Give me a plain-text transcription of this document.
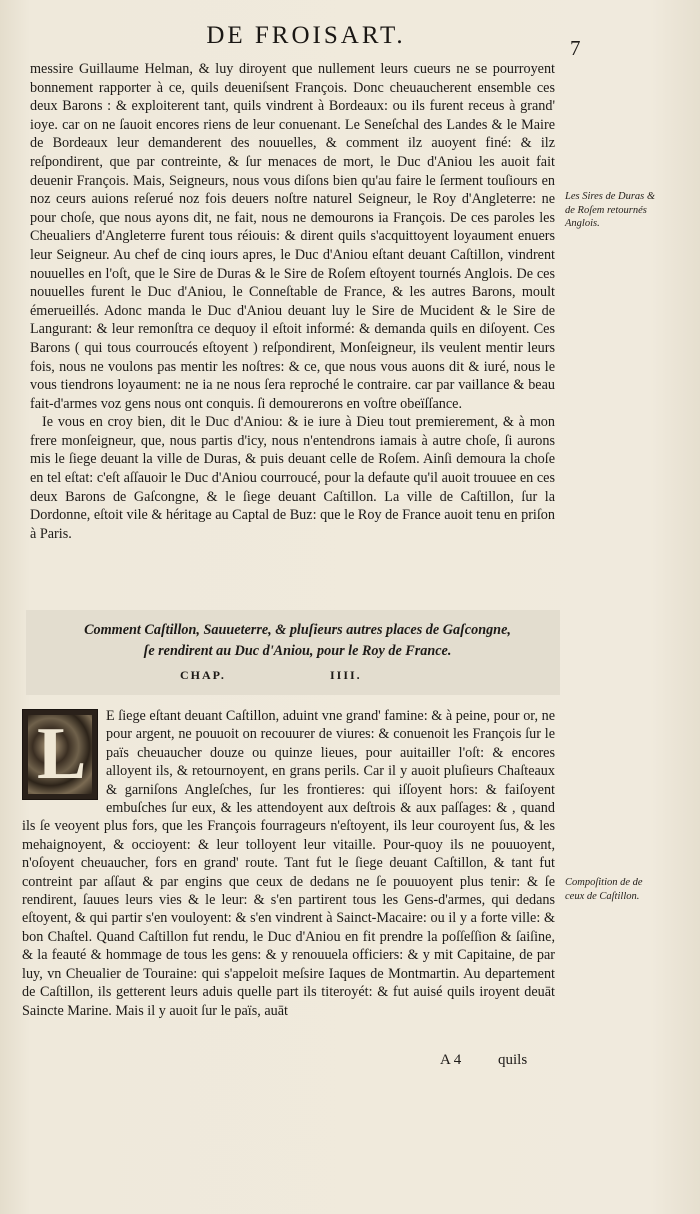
DE FROISART.	7

messire Guillaume Helman, & luy diroyent que nullement leurs cueurs ne se pourroyent bonnement rapporter à ce, quils deueniſsent François. Donc cheuaucherent ensemble ces deux Barons : & exploiterent tant, quils vindrent à Bordeaux: ou ils furent receus à grand' ioye. car on ne ſauoit encores riens de leur conuenant. Le Seneſchal des Landes & le Maire de Bordeaux leur demanderent des nouuelles, & comment ilz auoyent finé: & ilz reſpondirent, que par contreinte, & ſur menaces de mort, le Duc d'Aniou les auoit fait deuenir François. Mais, Seigneurs, nous vous diſons bien qu'au faire le ſerment touſiours en noz ceurs auions reſerué noz fois deuers noſtre naturel Seigneur, le Roy d'Angleterre: ne pour choſe, que nous ayons dit, ne fait, nous ne demourons ia François. De ces paroles les Cheualiers d'Angleterre furent tous réiouis: & dirent quils s'acquittoyent loyaument enuers leur Seigneur. Au chef de cinq iours apres, le Duc d'Aniou eſtant deuant Caſtillon, vindrent nouuelles en l'oſt, que le Sire de Duras & le Sire de Roſem eſtoyent tournés Anglois. De ces nouuelles furent le Duc d'Aniou, le Conneſtable de France, & les autres Barons, moult émerueillés. Adonc manda le Duc d'Aniou deuant luy le Sire de Mucident & le Sire de Langurant: & leur remonſtra ce dequoy il eſtoit informé: & demanda quils en diſoyent. Ces Barons ( qui tous courroucés eſtoyent ) reſpondirent, Monſeigneur, ils veulent mentir leurs fois, nous ne voulons pas mentir les noſtres: & ce, que nous vous auons dit & iuré, nous le vous tiendrons loyaument: ne ia ne nous ſera reproché le contraire. car par vaillance & beau fait-d'armes voz gens nous ont conquis. ſi demourerons en voſtre obeïſſance.

Ie vous en croy bien, dit le Duc d'Aniou: & ie iure à Dieu tout premierement, & à mon frere monſeigneur, que, nous partis d'icy, nous n'entendrons iamais à autre choſe, ſi aurons mis le ſiege deuant la ville de Duras, & puis deuant celle de Roſem. Ainſi demoura la choſe en tel eſtat: c'eſt aſſauoir le Duc d'Aniou courroucé, pour la defaute qu'il auoit trouuee en ces deux Barons de Gaſcongne, & le ſiege deuant Caſtillon. La ville de Caſtillon, ſur la Dordonne, eſtoit vile & héritage au Captal de Buz: que le Roy de France auoit tenu en priſon à Paris.

Les Sires de Duras & de Roſem retournés Anglois.
Comment Caſtillon, Sauueterre, & pluſieurs autres places de Gaſcongne,
ſe rendirent au Duc d'Aniou, pour le Roy de France.
CHAP.	IIII.
L E ſiege eſtant deuant Caſtillon, aduint vne grand' famine: & à peine, pour or, ne pour argent, ne pouuoit on recouurer de viures: & conuenoit les François ſur le païs cheuaucher douze ou quinze lieues, pour auitailler l'oſt: & encores alloyent ils, & retournoyent, en grans perils. Car il y auoit pluſieurs Chaſteaux & garniſons Angleſches, ſur les frontieres: qui iſſoyent hors: & faiſoyent embuſches ſur eux, & les attendoyent aux deſtrois & aux paſſages: & , quand ils ſe veoyent plus fors, que les François fourrageurs n'eſtoyent, ils leur couroyent ſus, & les mehaignoyent, & occioyent: & leur tolloyent leur vitaille. Pour-quoy ils ne pouuoyent, n'oſoyent cheuaucher, fors en grand' route. Tant fut le ſiege deuant Caſtillon, & tant fut contreint par aſſaut & par engins que ceux de dedans ne ſe pouuoyent plus tenir: & ſe rendirent, ſauues leurs vies & le leur: & s'en partirent tous les Gens-d'armes, qui dedans eſtoyent, & qui partir s'en vouloyent: & s'en vindrent à Sainct-Macaire: ou il y a forte ville: & bon Chaſtel. Quand Caſtillon fut rendu, le Duc d'Aniou en fit prendre la poſſeſſion & ſaiſine, & la feauté & hommage de tous les gens: & y renouuela officiers: & y mit Capitaine, de par luy, vn Cheualier de Touraine: qui s'appeloit meſsire Iaques de Montmartin. Au departement de Caſtillon, ils getterent leurs aduis quelle part ils titeroyét: & fut auisé quils iroyent deuāt Saincte Marine. Mais il y auoit ſur le païs, auāt
Compoſition de de ceux de Caſtillon.
A 4 quils
